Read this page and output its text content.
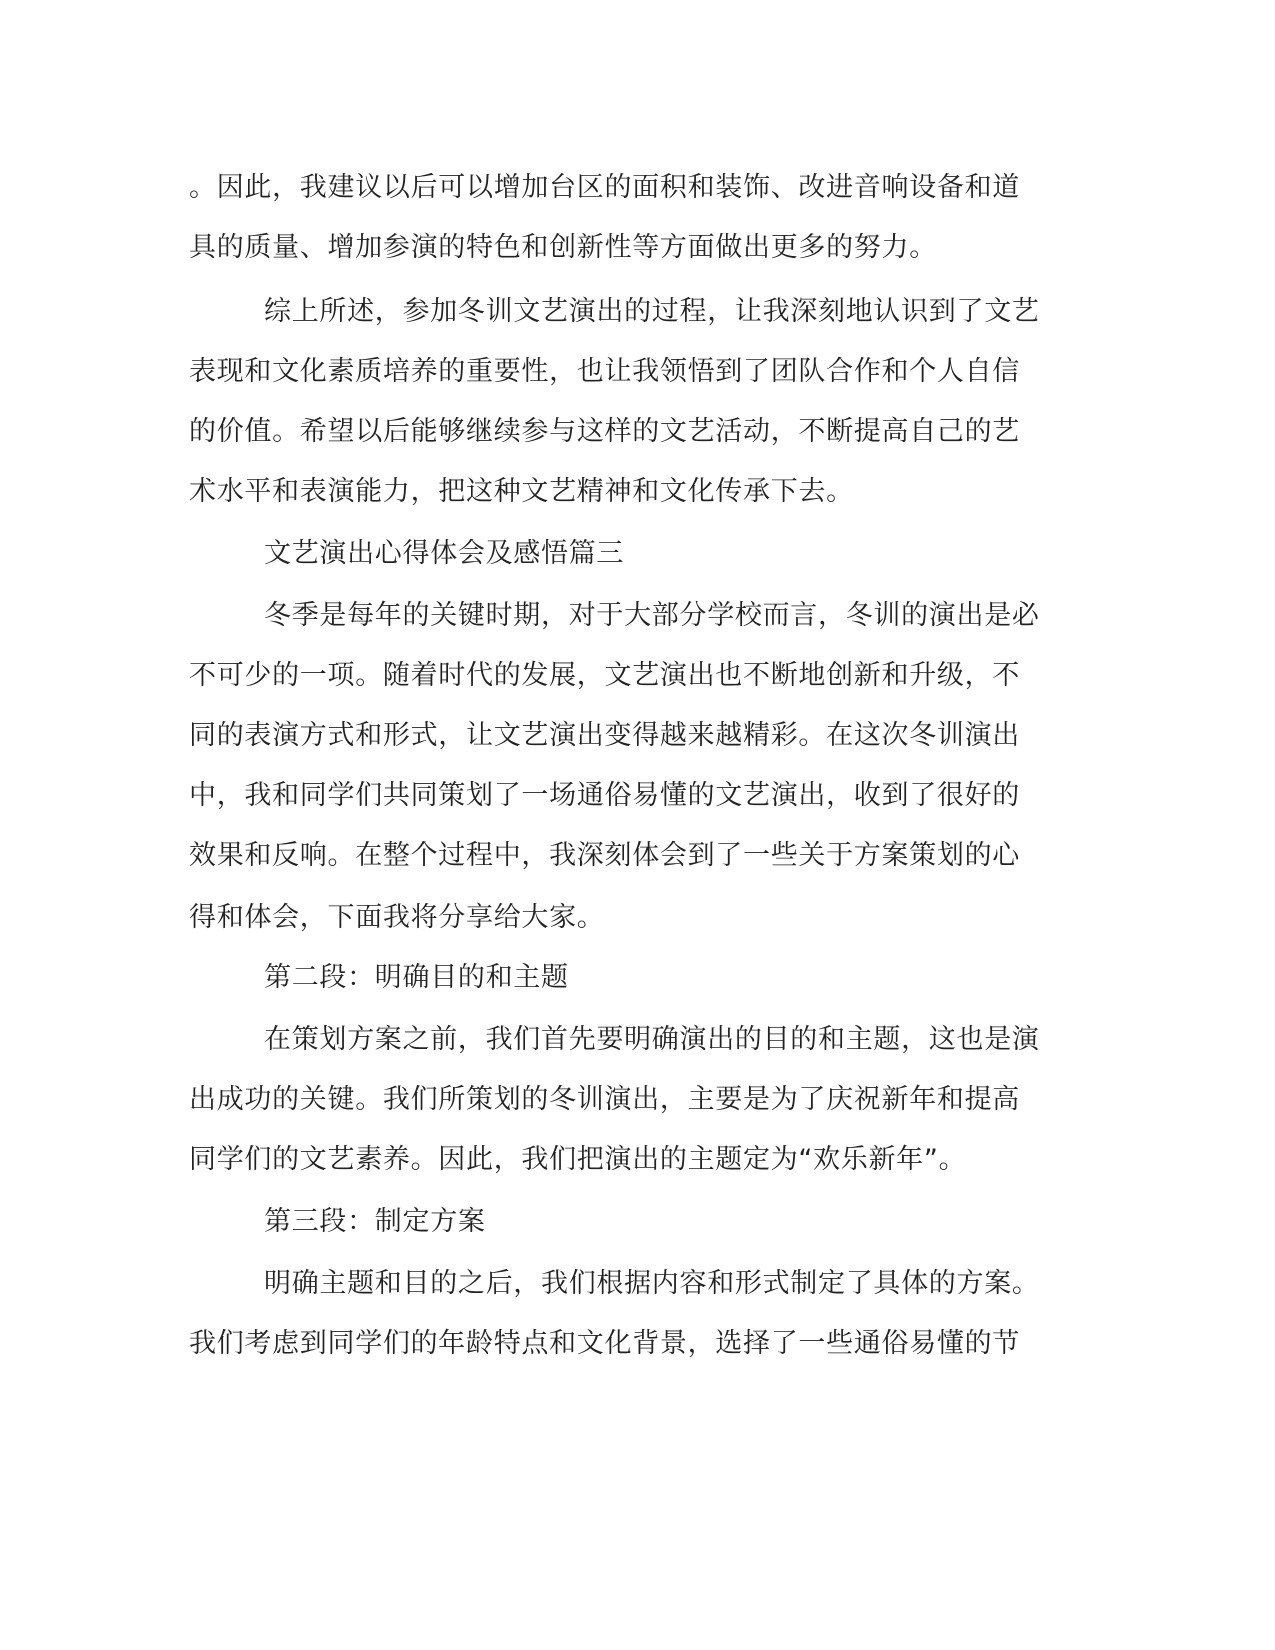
。因此，我建议以后可以增加台区的面积和装饰、改进音响设备和道
具的质量、增加参演的特色和创新性等方面做出更多的努力。
综上所述，参加冬训文艺演出的过程，让我深刻地认识到了文艺
表现和文化素质培养的重要性，也让我领悟到了团队合作和个人自信
的价值。希望以后能够继续参与这样的文艺活动，不断提高自己的艺
术水平和表演能力，把这种文艺精神和文化传承下去。
文艺演出心得体会及感悟篇三
冬季是每年的关键时期，对于大部分学校而言，冬训的演出是必
不可少的一项。随着时代的发展，文艺演出也不断地创新和升级，不
同的表演方式和形式，让文艺演出变得越来越精彩。在这次冬训演出
中，我和同学们共同策划了一场通俗易懂的文艺演出，收到了很好的
效果和反响。在整个过程中，我深刻体会到了一些关于方案策划的心
得和体会，下面我将分享给大家。
第二段：明确目的和主题
在策划方案之前，我们首先要明确演出的目的和主题，这也是演
出成功的关键。我们所策划的冬训演出，主要是为了庆祝新年和提高
同学们的文艺素养。因此，我们把演出的主题定为“欢乐新年”。
第三段：制定方案
明确主题和目的之后，我们根据内容和形式制定了具体的方案。
我们考虑到同学们的年龄特点和文化背景，选择了一些通俗易懂的节
